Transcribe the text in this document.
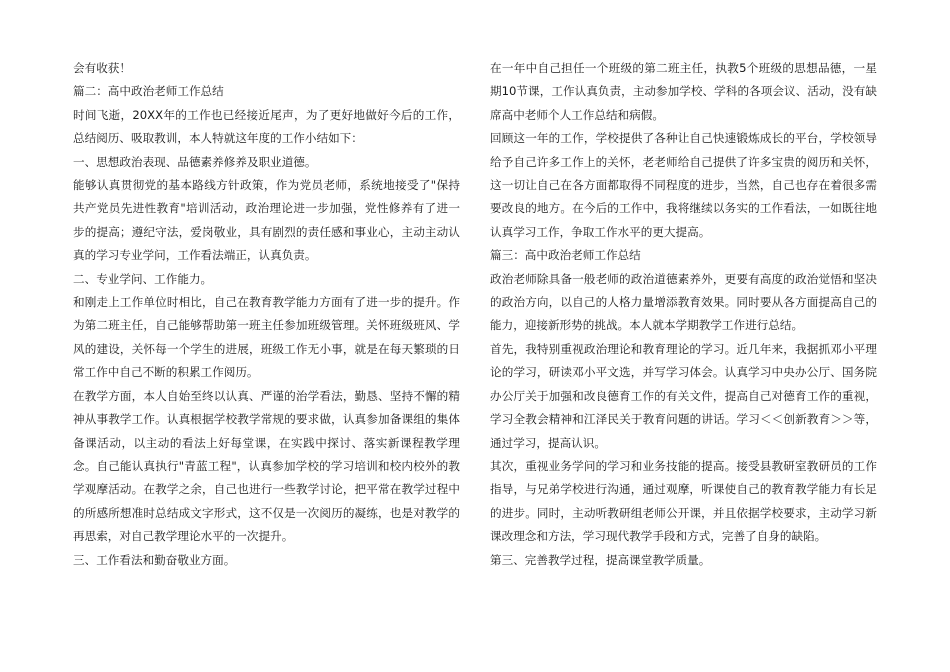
会有收获！

篇二：高中政治老师工作总结

时间飞逝，20XX年的工作也已经接近尾声，为了更好地做好今后的工作，总结阅历、吸取教训，本人特就这年度的工作小结如下：

一、思想政治表现、品德素养修养及职业道德。

能够认真贯彻党的基本路线方针政策，作为党员老师，系统地接受了"保持共产党员先进性教育"培训活动，政治理论进一步加强，党性修养有了进一步的提高；遵纪守法，爱岗敬业，具有剧烈的责任感和事业心，主动主动认真的学习专业学问，工作看法端正，认真负责。

二、专业学问、工作能力。

和刚走上工作单位时相比，自己在教育教学能力方面有了进一步的提升。作为第二班主任，自己能够帮助第一班主任参加班级管理。关怀班级班风、学风的建设，关怀每一个学生的进展，班级工作无小事，就是在每天繁琐的日常工作中自己不断的积累工作阅历。

在教学方面，本人自始至终以认真、严谨的治学看法，勤恳、坚持不懈的精神从事教学工作。认真根据学校教学常规的要求做，认真参加备课组的集体备课活动，以主动的看法上好每堂课，在实践中探讨、落实新课程教学理念。自己能认真执行"青蓝工程"，认真参加学校的学习培训和校内校外的教学观摩活动。在教学之余，自己也进行一些教学讨论，把平常在教学过程中的所感所想准时总结成文字形式，这不仅是一次阅历的凝练，也是对教学的再思索，对自己教学理论水平的一次提升。

三、工作看法和勤奋敬业方面。

在一年中自己担任一个班级的第二班主任，执教5个班级的思想品德，一星期10节课，工作认真负责，主动参加学校、学科的各项会议、活动，没有缺席高中老师个人工作总结和病假。

回顾这一年的工作，学校提供了各种让自己快速锻炼成长的平台，学校领导给予自己许多工作上的关怀，老老师给自己提供了许多宝贵的阅历和关怀，这一切让自己在各方面都取得不同程度的进步，当然，自己也存在着很多需要改良的地方。在今后的工作中，我将继续以务实的工作看法，一如既往地认真学习工作，争取工作水平的更大提高。

篇三：高中政治老师工作总结

政治老师除具备一般老师的政治道德素养外，更要有高度的政治觉悟和坚决的政治方向，以自己的人格力量增添教育效果。同时要从各方面提高自己的能力，迎接新形势的挑战。本人就本学期教学工作进行总结。

首先，我特别重视政治理论和教育理论的学习。近几年来，我据抓邓小平理论的学习，研读邓小平文选，并写学习体会。认真学习中央办公厅、国务院办公厅关于加强和改良德育工作的有关文件，提高自己对德育工作的重视，学习全教会精神和江泽民关于教育问题的讲话。学习＜＜创新教育＞＞等，通过学习，提高认识。

其次，重视业务学问的学习和业务技能的提高。接受县教研室教研员的工作指导，与兄弟学校进行沟通，通过观摩，听课使自己的教育教学能力有长足的进步。同时，主动听教研组老师公开课，并且依据学校要求，主动学习新课改理念和方法，学习现代教学手段和方式，完善了自身的缺陷。

第三、完善教学过程，提高课堂教学质量。
